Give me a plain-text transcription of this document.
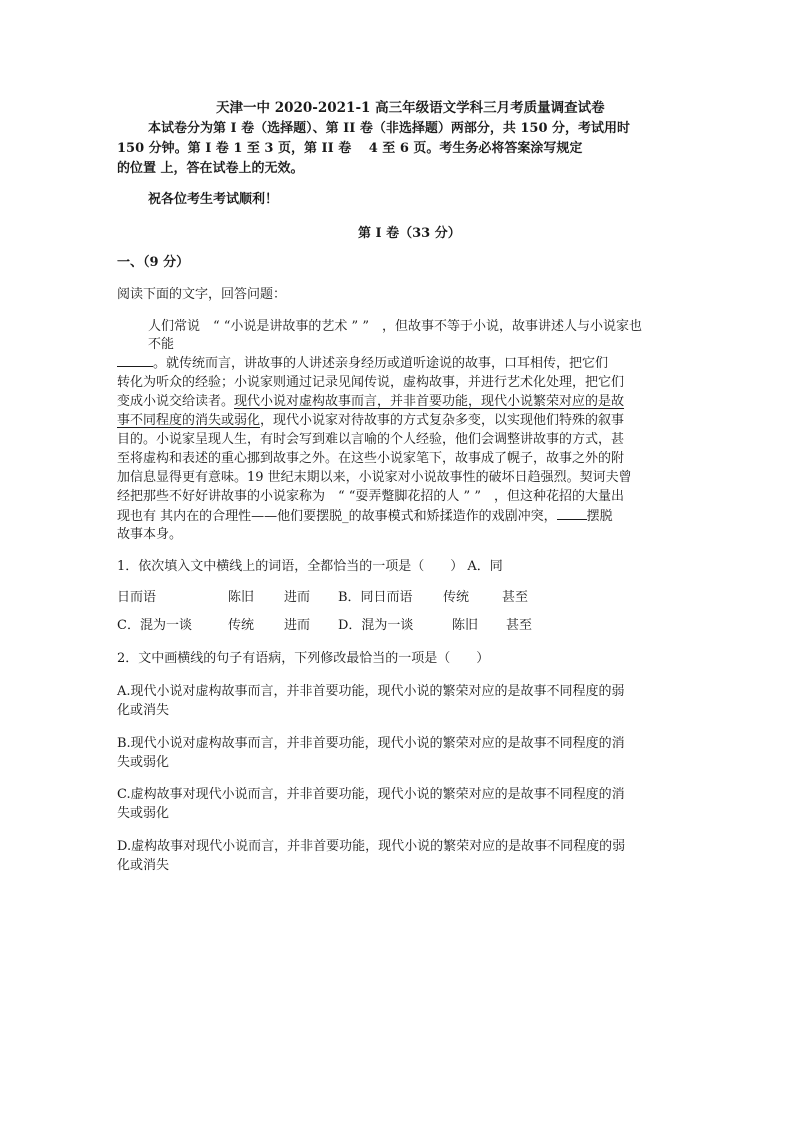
天津一中 2020-2021-1 高三年级语文学科三月考质量调查试卷
本试卷分为第 I 卷（选择题）、第 II 卷（非选择题）两部分，共 150 分，考试用时
150 分钟。第 I 卷 1 至 3 页，第 II 卷　 4 至 6 页。考生务必将答案涂写规定
的位置 上，答在试卷上的无效。
祝各位考生考试顺利！
第 I 卷（33 分）
一、（9 分）
阅读下面的文字，回答问题：
人们常说　“ “小说是讲故事的艺术 ” ”　，但故事不等于小说，故事讲述人与小说家也
不能
。就传统而言，讲故事的人讲述亲身经历或道听途说的故事，口耳相传，把它们
转化为听众的经验；小说家则通过记录见闻传说，虚构故事，并进行艺术化处理，把它们
变成小说交给读者。现代小说对虚构故事而言，并非首要功能，现代小说繁荣对应的是故
事不同程度的消失或弱化，现代小说家对待故事的方式复杂多变，以实现他们特殊的叙事
目的。小说家呈现人生，有时会写到难以言喻的个人经验，他们会调整讲故事的方式，甚
至将虚构和表述的重心挪到故事之外。在这些小说家笔下，故事成了幌子，故事之外的附
加信息显得更有意味。19 世纪末期以来，小说家对小说故事性的破坏日趋强烈。契诃夫曾
经把那些不好好讲故事的小说家称为　“ “耍弄蹩脚花招的人 ” ”　，但这种花招的大量出
现也有 其内在的合理性——他们要摆脱_的故事模式和矫揉造作的戏剧冲突， 摆脱
故事本身。
1．依次填入文中横线上的词语，全都恰当的一项是（　　） A．同
日而语	陈旧 进而 B．同日而语 传统	甚至
C．混为一谈	传统 进而 D．混为一谈	陈旧 甚至
2．文中画横线的句子有语病，下列修改最恰当的一项是（　　）
A.现代小说对虚构故事而言，并非首要功能，现代小说的繁荣对应的是故事不同程度的弱
化或消失
B.现代小说对虚构故事而言，并非首要功能，现代小说的繁荣对应的是故事不同程度的消
失或弱化
C.虚构故事对现代小说而言，并非首要功能，现代小说的繁荣对应的是故事不同程度的消
失或弱化
D.虚构故事对现代小说而言，并非首要功能，现代小说的繁荣对应的是故事不同程度的弱
化或消失
